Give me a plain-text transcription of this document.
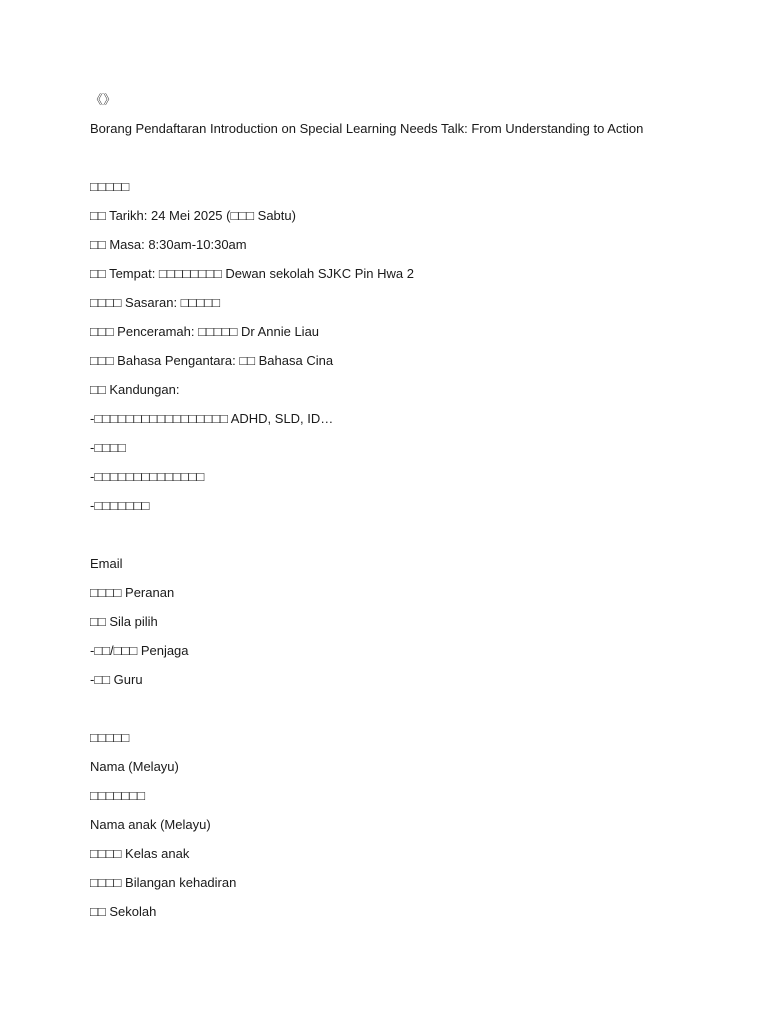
《》
Borang Pendaftaran Introduction on Special Learning Needs Talk: From Understanding to Action
□□□□□
□□ Tarikh: 24 Mei 2025 (□□□ Sabtu)
□□ Masa: 8:30am-10:30am
□□ Tempat: □□□□□□□□ Dewan sekolah SJKC Pin Hwa 2
□□□□ Sasaran: □□□□□
□□□ Penceramah: □□□□□ Dr Annie Liau
□□□ Bahasa Pengantara: □□ Bahasa Cina
□□ Kandungan:
-□□□□□□□□□□□□□□□□□ ADHD, SLD, ID…
-□□□□
-□□□□□□□□□□□□□□
-□□□□□□□
Email
□□□□ Peranan
□□ Sila pilih
-□□/□□□ Penjaga
-□□ Guru
□□□□□
Nama (Melayu)
□□□□□□□
Nama anak (Melayu)
□□□□ Kelas anak
□□□□ Bilangan kehadiran
□□ Sekolah
